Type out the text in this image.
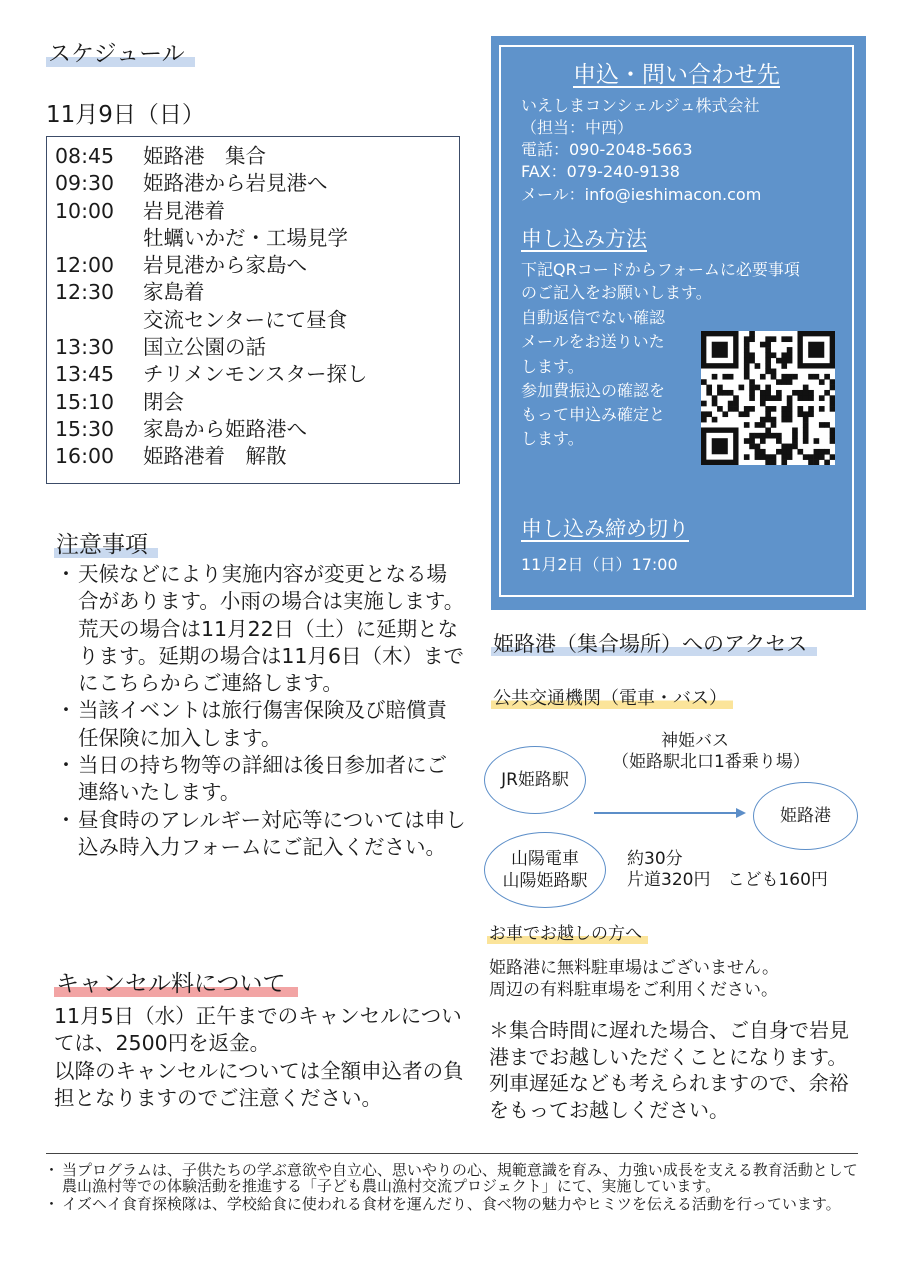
スケジュール
11月9日（日）
08:45	姫路港　集合
09:30	姫路港から岩見港へ
10:00	岩見港着
牡蠣いかだ・工場見学
12:00	岩見港から家島へ
12:30	家島着
交流センターにて昼食
13:30	国立公園の話
13:45	チリメンモンスター探し
15:10	閉会
15:30	家島から姫路港へ
16:00	姫路港着　解散
注意事項
・ 天候などにより実施内容が変更となる場合があります。小雨の場合は実施します。荒天の場合は11月22日（土）に延期となります。延期の場合は11月6日（木）までにこちらからご連絡します。
・ 当該イベントは旅行傷害保険及び賠償責任保険に加入します。
・ 当日の持ち物等の詳細は後日参加者にご連絡いたします。
・ 昼食時のアレルギー対応等については申し込み時入力フォームにご記入ください。
キャンセル料について
11月5日（水）正午までのキャンセルについては、2500円を返金。
以降のキャンセルについては全額申込者の負担となりますのでご注意ください。
申込・問い合わせ先
いえしまコンシェルジュ株式会社
（担当：中西）
電話：090-2048-5663
FAX：079-240-9138
メール：info@ieshimacon.com
申し込み方法
下記QRコードからフォームに必要事項
のご記入をお願いします。
自動返信でない確認
メールをお送りいた
します。
参加費振込の確認を
もって申込み確定と
します。
申し込み締め切り
11月2日（日）17:00
姫路港（集合場所）へのアクセス
公共交通機関（電車・バス）
神姫バス
（姫路駅北口1番乗り場）
JR姫路駅
山陽電車
山陽姫路駅
姫路港
約30分
片道320円　こども160円
お車でお越しの方へ
姫路港に無料駐車場はございません。
周辺の有料駐車場をご利用ください。
＊集合時間に遅れた場合、ご自身で岩見港までお越しいただくことになります。列車遅延なども考えられますので、余裕をもってお越しください。
・ 当プログラムは、子供たちの学ぶ意欲や自立心、思いやりの心、規範意識を育み、力強い成長を支える教育活動として農山漁村等での体験活動を推進する「子ども農山漁村交流プロジェクト」にて、実施しています。
・ イズヘイ食育探検隊は、学校給食に使われる食材を運んだり、食べ物の魅力やヒミツを伝える活動を行っています。
